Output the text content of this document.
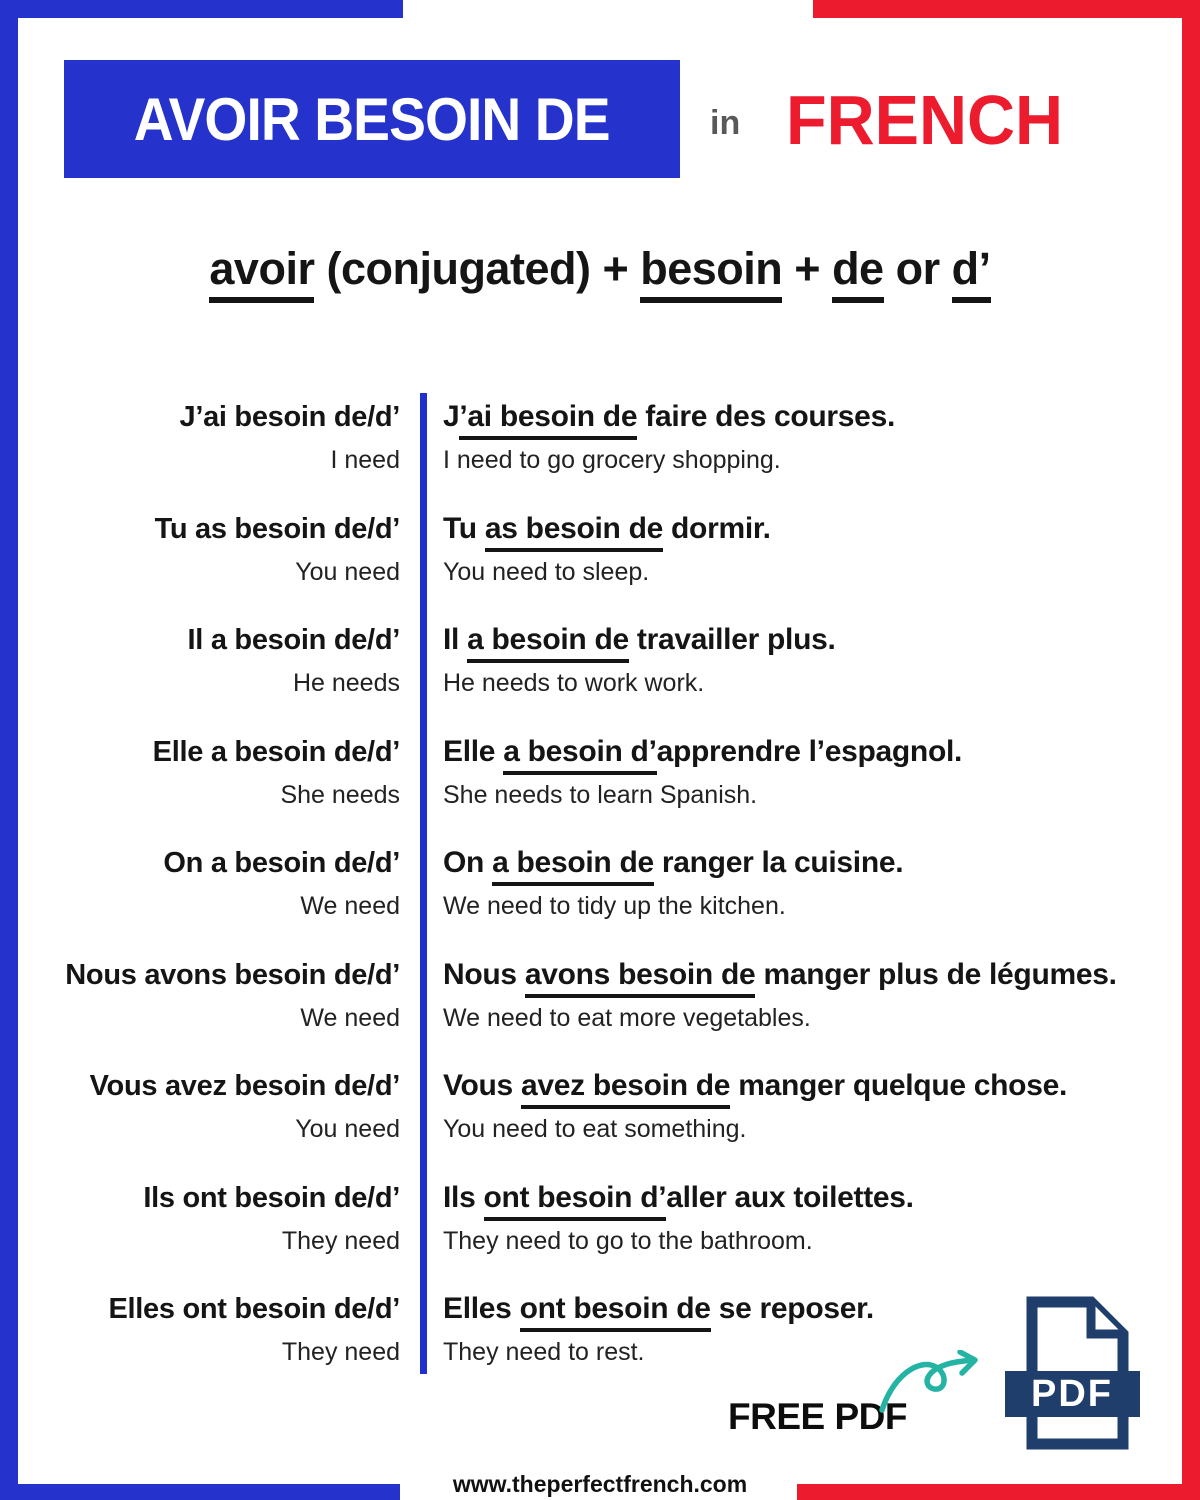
AVOIR BESOIN DE	in FRENCH
avoir (conjugated) + besoin + de or d’
J’ai besoin de/d’
I need
J’ai besoin de faire des courses.
I need to go grocery shopping.
Tu as besoin de/d’
You need
Tu as besoin de dormir.
You need to sleep.
Il a besoin de/d’
He needs
Il a besoin de travailler plus.
He needs to work work.
Elle a besoin de/d’
She needs
Elle a besoin d’apprendre l’espagnol.
She needs to learn Spanish.
On a besoin de/d’
We need
On a besoin de ranger la cuisine.
We need to tidy up the kitchen.
Nous avons besoin de/d’
We need
Nous avons besoin de manger plus de légumes.
We need to eat more vegetables.
Vous avez besoin de/d’
You need
Vous avez besoin de manger quelque chose.
You need to eat something.
Ils ont besoin de/d’
They need
Ils ont besoin d’aller aux toilettes.
They need to go to the bathroom.
Elles ont besoin de/d’
They need
Elles ont besoin de se reposer.
They need to rest.
FREE PDF
PDF
www.theperfectfrench.com
